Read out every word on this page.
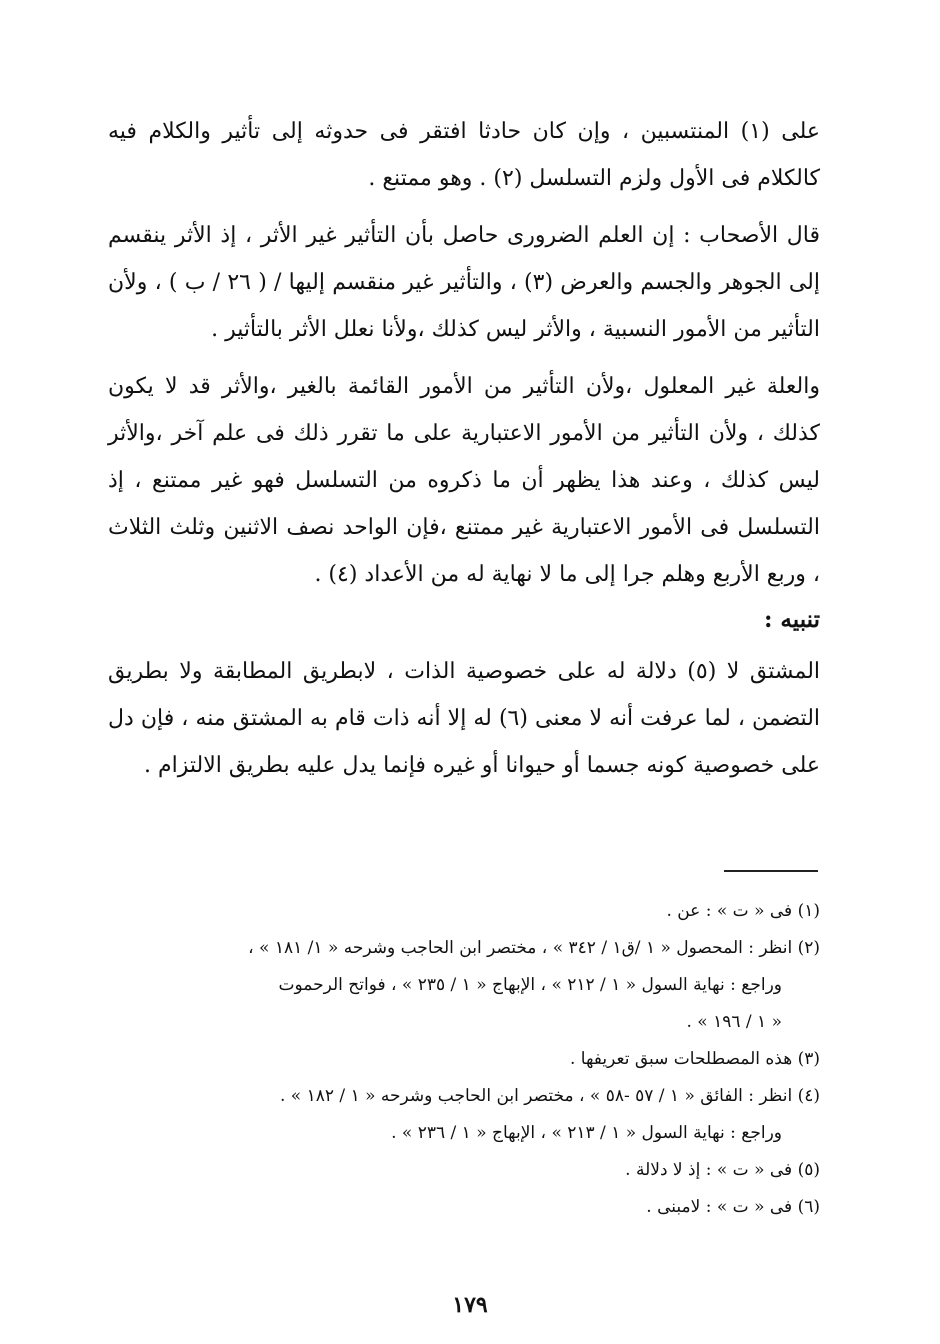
على (١) المنتسبين ، وإن كان حادثا افتقر فى حدوثه إلى تأثير والكلام فيه كالكلام فى الأول ولزم التسلسل (٢) . وهو ممتنع .

قال الأصحاب : إن العلم الضرورى حاصل بأن التأثير غير الأثر ، إذ الأثر ينقسم إلى الجوهر والجسم والعرض (٣) ، والتأثير غير منقسم إليها / ( ٢٦ / ب ) ، ولأن التأثير من الأمور النسبية ، والأثر ليس كذلك ،ولأنا نعلل الأثر بالتأثير .

والعلة غير المعلول ،ولأن التأثير من الأمور القائمة بالغير ،والأثر قد لا يكون كذلك ، ولأن التأثير من الأمور الاعتبارية على ما تقرر ذلك فى علم آخر ،والأثر ليس كذلك ، وعند هذا يظهر أن ما ذكروه من التسلسل فهو غير ممتنع ، إذ التسلسل فى الأمور الاعتبارية غير ممتنع ،فإن الواحد نصف الاثنين وثلث الثلاث ، وربع الأربع وهلم جرا إلى ما لا نهاية له من الأعداد (٤) .

تنبيه :

المشتق لا (٥) دلالة له على خصوصية الذات ، لابطريق المطابقة ولا بطريق التضمن ، لما عرفت أنه لا معنى (٦) له إلا أنه ذات قام به المشتق منه ، فإن دل على خصوصية كونه جسما أو حيوانا أو غيره فإنما يدل عليه بطريق الالتزام .

(١) فى « ت » : عن .

(٢) انظر : المحصول « ١ /ق١ / ٣٤٢ » ، مختصر ابن الحاجب وشرحه « ١/ ١٨١ » ،

وراجع : نهاية السول « ١ / ٢١٢ » ، الإبهاج « ١ / ٢٣٥ » ، فواتح الرحموت

« ١ / ١٩٦ » .

(٣) هذه المصطلحات سبق تعريفها .

(٤) انظر : الفائق « ١ / ٥٧ -٥٨ » ، مختصر ابن الحاجب وشرحه « ١ / ١٨٢ » .

وراجع : نهاية السول « ١ / ٢١٣ » ، الإبهاج « ١ / ٢٣٦ » .

(٥) فى « ت » : إذ لا دلالة .

(٦) فى « ت » : لامبنى .

١٧٩
